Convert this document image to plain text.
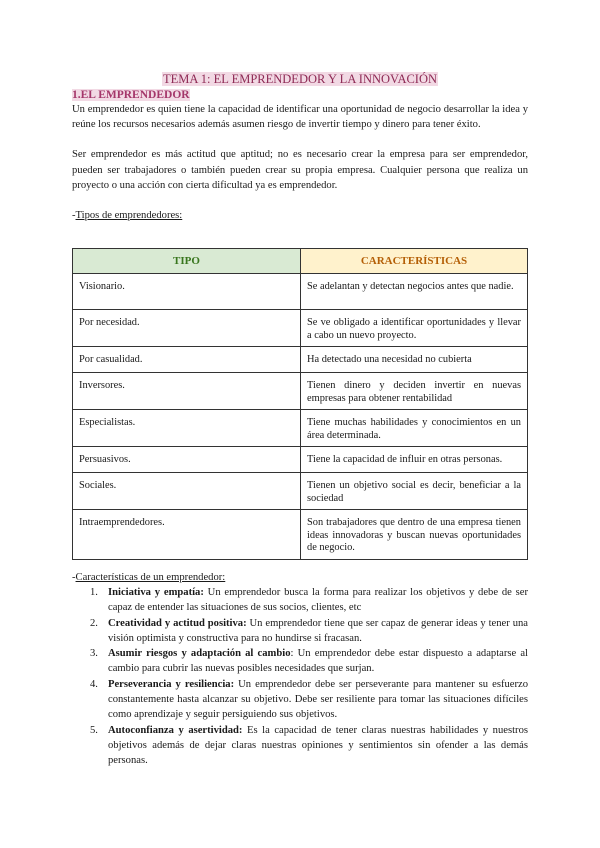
TEMA 1: EL EMPRENDEDOR Y LA INNOVACIÓN

1.EL EMPRENDEDOR

Un emprendedor es quien tiene la capacidad de identificar una oportunidad de negocio desarrollar la idea y reúne los recursos necesarios además asumen riesgo de invertir tiempo y dinero para tener éxito.

Ser emprendedor es más actitud que aptitud; no es necesario crear la empresa para ser emprendedor, pueden ser trabajadores o también pueden crear su propia empresa. Cualquier persona que realiza un proyecto o una acción con cierta dificultad ya es emprendedor.

-Tipos de emprendedores:

TIPO	CARACTERÍSTICAS
Visionario.	Se adelantan y detectan negocios antes que nadie.
Por necesidad.	Se ve obligado a identificar oportunidades y llevar a cabo un nuevo proyecto.
Por casualidad.	Ha detectado una necesidad no cubierta
Inversores.	Tienen dinero y deciden invertir en nuevas empresas para obtener rentabilidad
Especialistas.	Tiene muchas habilidades y conocimientos en un área determinada.
Persuasivos.	Tiene la capacidad de influir en otras personas.
Sociales.	Tienen un objetivo social es decir, beneficiar a la sociedad
Intraemprendedores.	Son trabajadores que dentro de una empresa tienen ideas innovadoras y buscan nuevas oportunidades de negocio.

-Características de un emprendedor:

1. Iniciativa y empatía: Un emprendedor busca la forma para realizar los objetivos y debe de ser capaz de entender las situaciones de sus socios, clientes, etc
2. Creatividad y actitud positiva: Un emprendedor tiene que ser capaz de generar ideas y tener una visión optimista y constructiva para no hundirse si fracasan.
3. Asumir riesgos y adaptación al cambio: Un emprendedor debe estar dispuesto a adaptarse al cambio para cubrir las nuevas posibles necesidades que surjan.
4. Perseverancia y resiliencia: Un emprendedor debe ser perseverante para mantener su esfuerzo constantemente hasta alcanzar su objetivo. Debe ser resiliente para tomar las situaciones difíciles como aprendizaje y seguir persiguiendo sus objetivos.
5. Autoconfianza y asertividad: Es la capacidad de tener claras nuestras habilidades y nuestros objetivos además de dejar claras nuestras opiniones y sentimientos sin ofender a las demás personas.
